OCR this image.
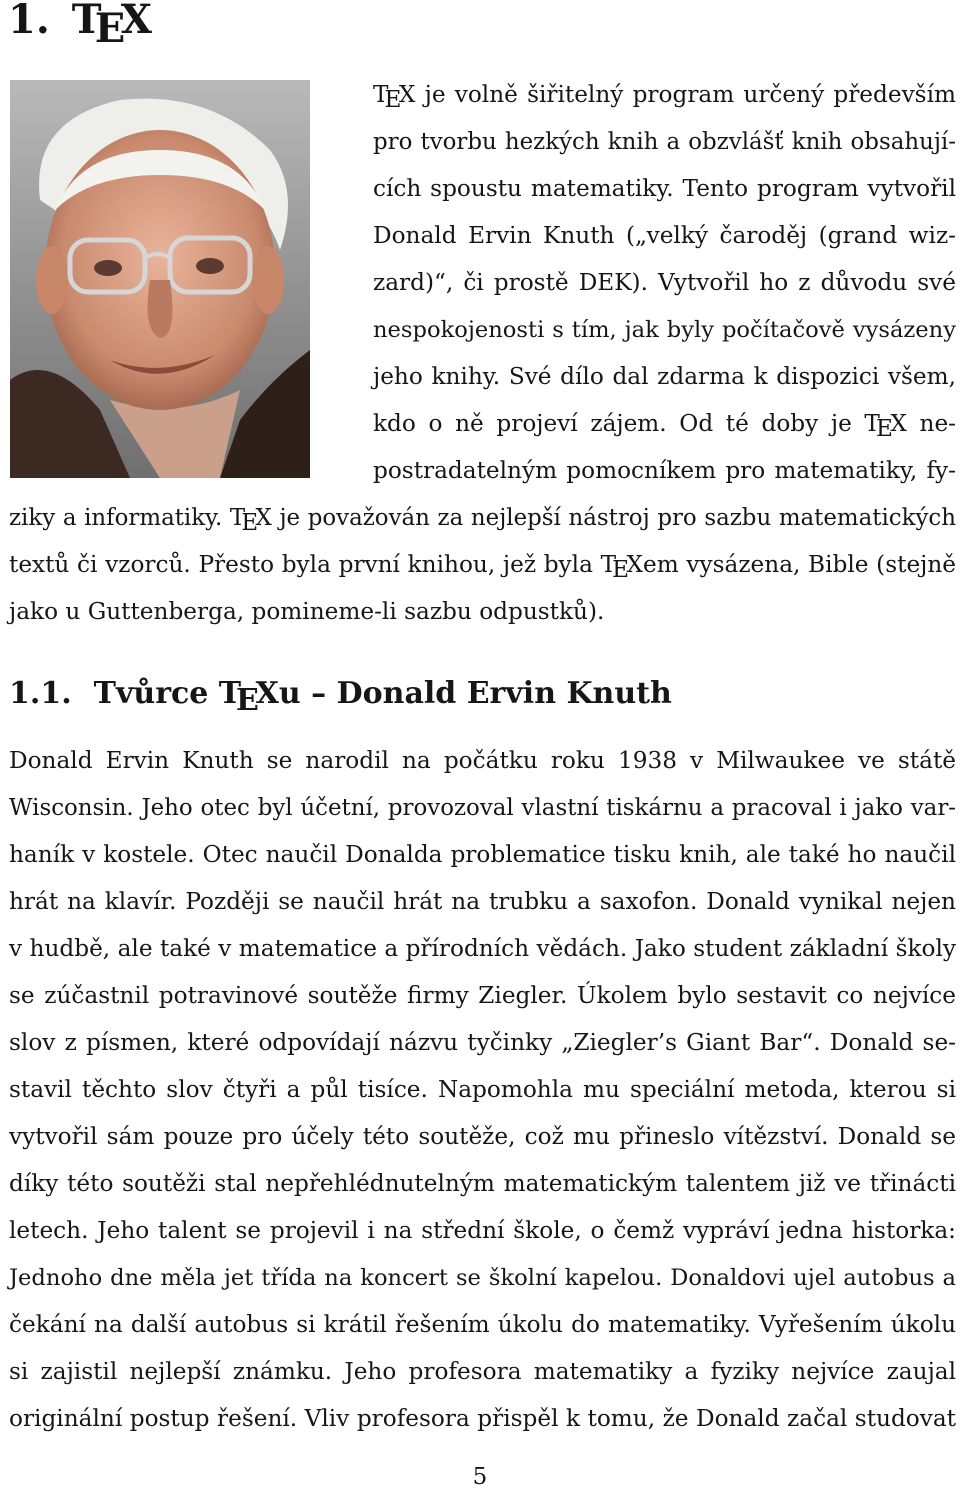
1. TEX

TEX je volně šiřitelný program určený především

pro tvorbu hezkých knih a obzvlášť knih obsahují-

cích spoustu matematiky. Tento program vytvořil

Donald Ervin Knuth („velký čaroděj (grand wiz-

zard)“, či prostě DEK). Vytvořil ho z důvodu své

nespokojenosti s tím, jak byly počítačově vysázeny

jeho knihy. Své dílo dal zdarma k dispozici všem,

kdo o ně projeví zájem. Od té doby je TEX ne-

postradatelným pomocníkem pro matematiky, fy-

ziky a informatiky. TEX je považován za nejlepší nástroj pro sazbu matematických

textů či vzorců. Přesto byla první knihou, jež byla TEXem vysázena, Bible (stejně

jako u Guttenberga, pomineme-li sazbu odpustků).

1.1. Tvůrce TEXu – Donald Ervin Knuth

Donald Ervin Knuth se narodil na počátku roku 1938 v Milwaukee ve státě

Wisconsin. Jeho otec byl účetní, provozoval vlastní tiskárnu a pracoval i jako var-

haník v kostele. Otec naučil Donalda problematice tisku knih, ale také ho naučil

hrát na klavír. Později se naučil hrát na trubku a saxofon. Donald vynikal nejen

v hudbě, ale také v matematice a přírodních vědách. Jako student základní školy

se zúčastnil potravinové soutěže firmy Ziegler. Úkolem bylo sestavit co nejvíce

slov z písmen, které odpovídají názvu tyčinky „Ziegler’s Giant Bar“. Donald se-

stavil těchto slov čtyři a půl tisíce. Napomohla mu speciální metoda, kterou si

vytvořil sám pouze pro účely této soutěže, což mu přineslo vítězství. Donald se

díky této soutěži stal nepřehlédnutelným matematickým talentem již ve třinácti

letech. Jeho talent se projevil i na střední škole, o čemž vypráví jedna historka:

Jednoho dne měla jet třída na koncert se školní kapelou. Donaldovi ujel autobus a

čekání na další autobus si krátil řešením úkolu do matematiky. Vyřešením úkolu

si zajistil nejlepší známku. Jeho profesora matematiky a fyziky nejvíce zaujal

originální postup řešení. Vliv profesora přispěl k tomu, že Donald začal studovat

5
